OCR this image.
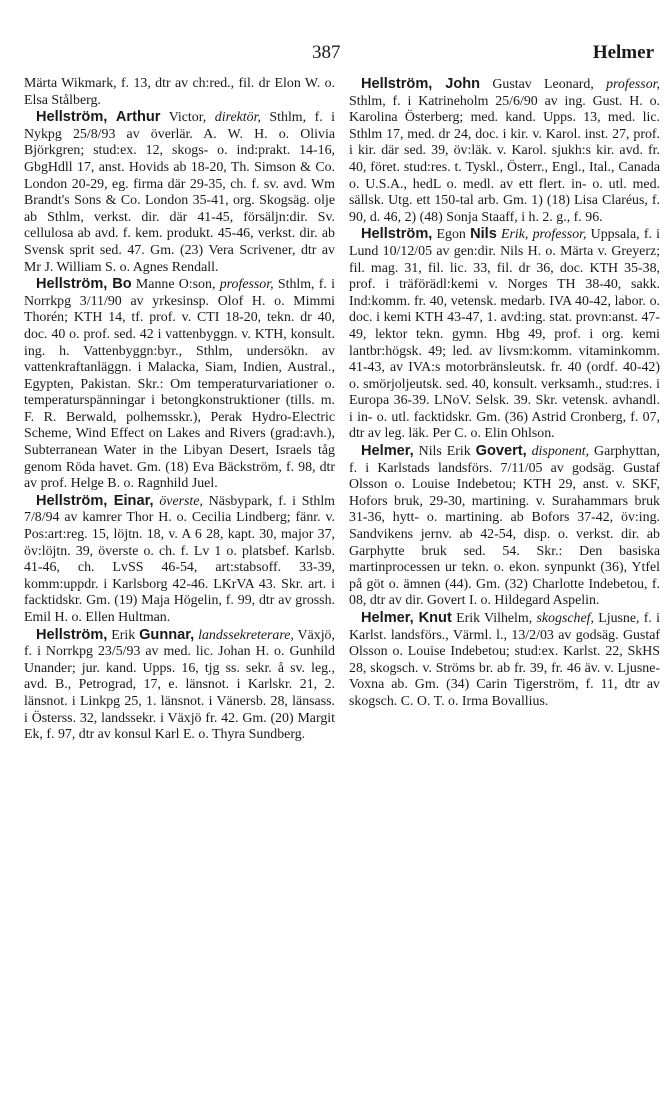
387	Helmer

Märta Wikmark, f. 13, dtr av ch:red., fil. dr Elon W. o. Elsa Stålberg.

Hellström, Arthur Victor, direktör, Sthlm, f. i Nykpg 25/8/93 av överlär. A. W. H. o. Olivia Björkgren; stud:ex. 12, skogs- o. ind:prakt. 14-16, GbgHdll 17, anst. Hovids ab 18-20, Th. Simson & Co. London 20-29, eg. firma där 29-35, ch. f. sv. avd. Wm Brandt's Sons & Co. London 35-41, org. Skogsäg. olje ab Sthlm, verkst. dir. där 41-45, försäljn:dir. Sv. cellulosa ab avd. f. kem. produkt. 45-46, verkst. dir. ab Svensk sprit sed. 47. Gm. (23) Vera Scrivener, dtr av Mr J. William S. o. Agnes Rendall.

Hellström, Bo Manne O:son, professor, Sthlm, f. i Norrkpg 3/11/90 av yrkesinsp. Olof H. o. Mimmi Thorén; KTH 14, tf. prof. v. CTI 18-20, tekn. dr 40, doc. 40 o. prof. sed. 42 i vattenbyggn. v. KTH, konsult. ing. h. Vattenbyggn:byr., Sthlm, undersökn. av vattenkraftanläggn. i Malacka, Siam, Indien, Austral., Egypten, Pakistan. Skr.: Om temperaturvariationer o. temperaturspänningar i betongkonstruktioner (tills. m. F. R. Berwald, polhemsskr.), Perak Hydro-Electric Scheme, Wind Effect on Lakes and Rivers (grad:avh.), Subterranean Water in the Libyan Desert, Israels tåg genom Röda havet. Gm. (18) Eva Bäckström, f. 98, dtr av prof. Helge B. o. Ragnhild Juel.

Hellström, Einar, överste, Näsbypark, f. i Sthlm 7/8/94 av kamrer Thor H. o. Cecilia Lindberg; fänr. v. Pos:art:reg. 15, löjtn. 18, v. A 6 28, kapt. 30, major 37, öv:löjtn. 39, överste o. ch. f. Lv 1 o. platsbef. Karlsb. 41-46, ch. LvSS 46-54, art:stabsoff. 33-39, komm:uppdr. i Karlsborg 42-46. LKrVA 43. Skr. art. i facktidskr. Gm. (19) Maja Högelin, f. 99, dtr av grossh. Emil H. o. Ellen Hultman.

Hellström, Erik Gunnar, landssekreterare, Växjö, f. i Norrkpg 23/5/93 av med. lic. Johan H. o. Gunhild Unander; jur. kand. Upps. 16, tjg ss. sekr. å sv. leg., avd. B., Petrograd, 17, e. länsnot. i Karlskr. 21, 2. länsnot. i Linkpg 25, 1. länsnot. i Vänersb. 28, länsass. i Österss. 32, landssekr. i Växjö fr. 42. Gm. (20) Margit Ek, f. 97, dtr av konsul Karl E. o. Thyra Sundberg.

Hellström, John Gustav Leonard, professor, Sthlm, f. i Katrineholm 25/6/90 av ing. Gust. H. o. Karolina Österberg; med. kand. Upps. 13, med. lic. Sthlm 17, med. dr 24, doc. i kir. v. Karol. inst. 27, prof. i kir. där sed. 39, öv:läk. v. Karol. sjukh:s kir. avd. fr. 40, föret. stud:res. t. Tyskl., Österr., Engl., Ital., Canada o. U.S.A., hedL o. medl. av ett flert. in- o. utl. med. sällsk. Utg. ett 150-tal arb. Gm. 1) (18) Lisa Claréus, f. 90, d. 46, 2) (48) Sonja Staaff, i h. 2. g., f. 96.

Hellström, Egon Nils Erik, professor, Uppsala, f. i Lund 10/12/05 av gen:dir. Nils H. o. Märta v. Greyerz; fil. mag. 31, fil. lic. 33, fil. dr 36, doc. KTH 35-38, prof. i träförädl:kemi v. Norges TH 38-40, sakk. Ind:komm. fr. 40, vetensk. medarb. IVA 40-42, labor. o. doc. i kemi KTH 43-47, 1. avd:ing. stat. provn:anst. 47-49, lektor tekn. gymn. Hbg 49, prof. i org. kemi lantbr:högsk. 49; led. av livsm:komm. vitaminkomm. 41-43, av IVA:s motorbränsleutsk. fr. 40 (ordf. 40-42) o. smörjoljeutsk. sed. 40, konsult. verksamh., stud:res. i Europa 36-39. LNoV. Selsk. 39. Skr. vetensk. avhandl. i in- o. utl. facktidskr. Gm. (36) Astrid Cronberg, f. 07, dtr av leg. läk. Per C. o. Elin Ohlson.

Helmer, Nils Erik Govert, disponent, Garphyttan, f. i Karlstads landsförs. 7/11/05 av godsäg. Gustaf Olsson o. Louise Indebetou; KTH 29, anst. v. SKF, Hofors bruk, 29-30, martining. v. Surahammars bruk 31-36, hytt- o. martining. ab Bofors 37-42, öv:ing. Sandvikens jernv. ab 42-54, disp. o. verkst. dir. ab Garphytte bruk sed. 54. Skr.: Den basiska martinprocessen ur tekn. o. ekon. synpunkt (36), Ytfel på göt o. ämnen (44). Gm. (32) Charlotte Indebetou, f. 08, dtr av dir. Govert I. o. Hildegard Aspelin.

Helmer, Knut Erik Vilhelm, skogschef, Ljusne, f. i Karlst. landsförs., Värml. l., 13/2/03 av godsäg. Gustaf Olsson o. Louise Indebetou; stud:ex. Karlst. 22, SkHS 28, skogsch. v. Ströms br. ab fr. 39, fr. 46 äv. v. Ljusne-Voxna ab. Gm. (34) Carin Tigerström, f. 11, dtr av skogsch. C. O. T. o. Irma Bovallius.
